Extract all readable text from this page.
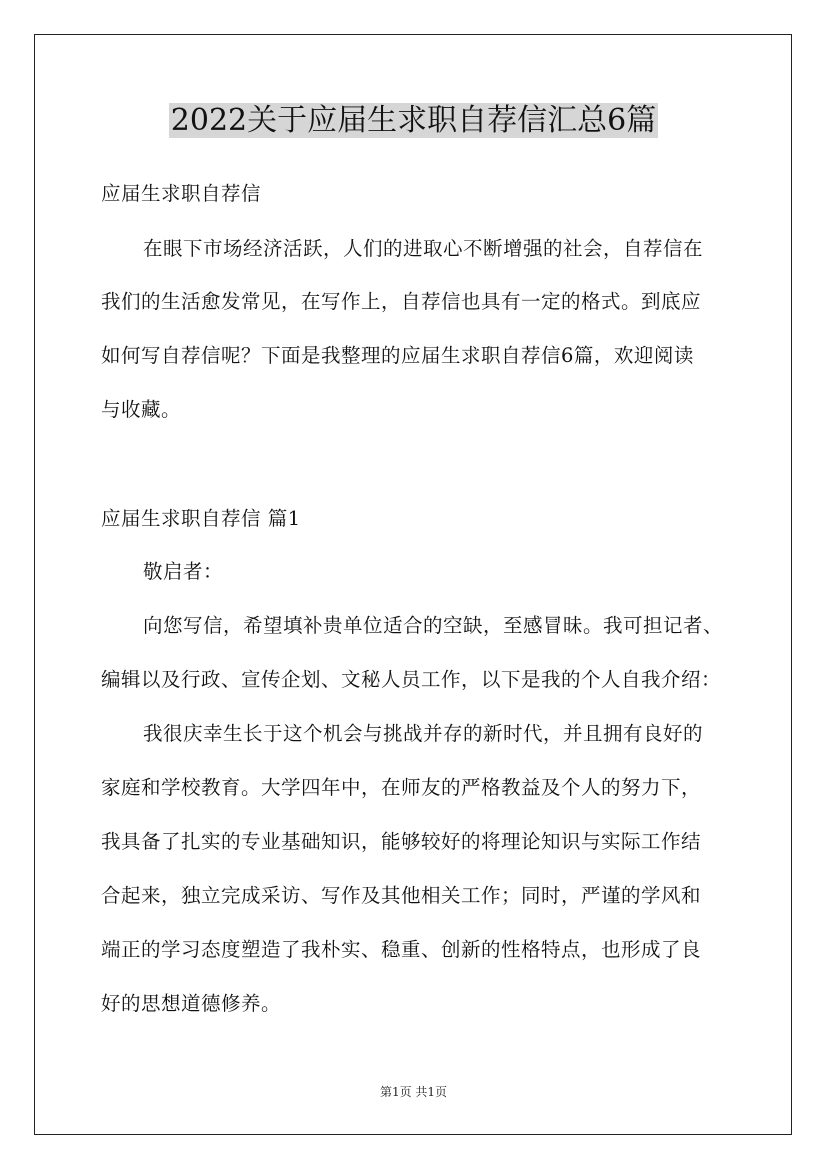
2022关于应届生求职自荐信汇总6篇
应届生求职自荐信
在眼下市场经济活跃，人们的进取心不断增强的社会，自荐信在
我们的生活愈发常见，在写作上，自荐信也具有一定的格式。到底应
如何写自荐信呢？下面是我整理的应届生求职自荐信6篇，欢迎阅读
与收藏。
应届生求职自荐信 篇1
敬启者：
向您写信，希望填补贵单位适合的空缺，至感冒昧。我可担记者、
编辑以及行政、宣传企划、文秘人员工作，以下是我的个人自我介绍：
我很庆幸生长于这个机会与挑战并存的新时代，并且拥有良好的
家庭和学校教育。大学四年中，在师友的严格教益及个人的努力下，
我具备了扎实的专业基础知识，能够较好的将理论知识与实际工作结
合起来，独立完成采访、写作及其他相关工作；同时，严谨的学风和
端正的学习态度塑造了我朴实、稳重、创新的性格特点，也形成了良
好的思想道德修养。
第1页 共1页
